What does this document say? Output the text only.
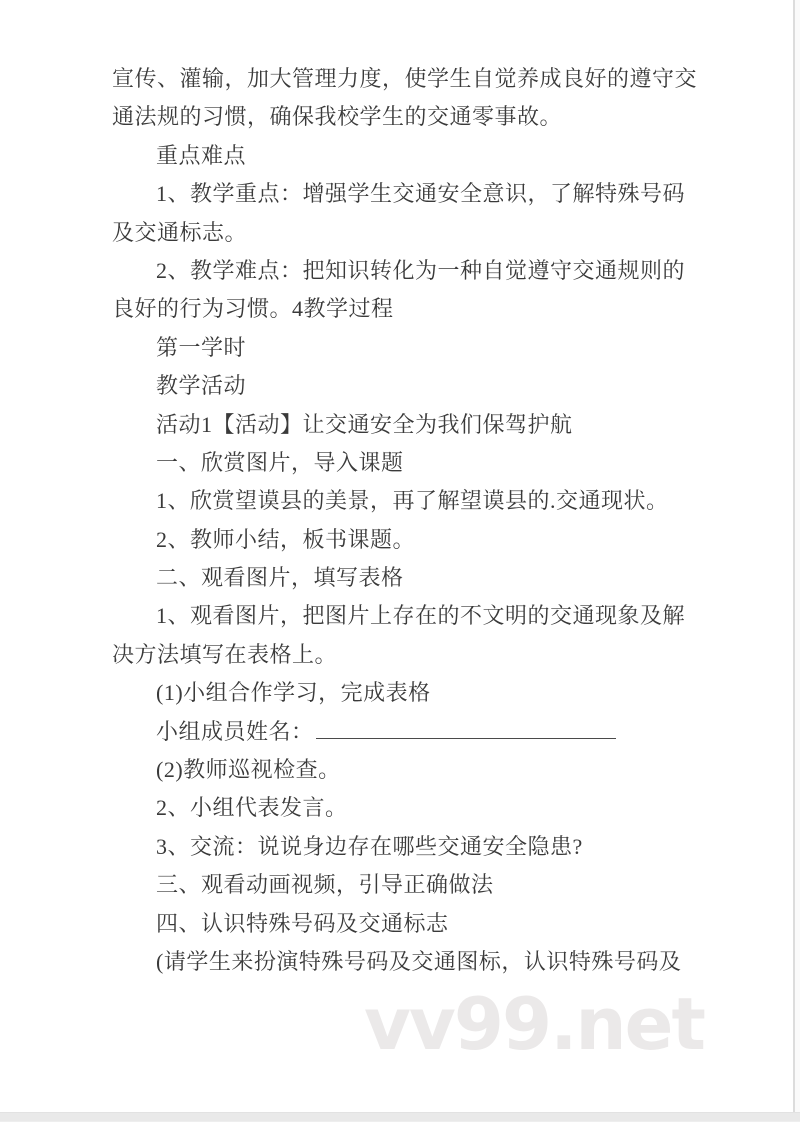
宣传、灌输，加大管理力度，使学生自觉养成良好的遵守交
通法规的习惯，确保我校学生的交通零事故。
重点难点
1、教学重点：增强学生交通安全意识，了解特殊号码
及交通标志。
2、教学难点：把知识转化为一种自觉遵守交通规则的
良好的行为习惯。4教学过程
第一学时
教学活动
活动1【活动】让交通安全为我们保驾护航
一、欣赏图片，导入课题
1、欣赏望谟县的美景，再了解望谟县的.交通现状。
2、教师小结，板书课题。
二、观看图片，填写表格
1、观看图片，把图片上存在的不文明的交通现象及解
决方法填写在表格上。
(1)小组合作学习，完成表格
小组成员姓名：
(2)教师巡视检查。
2、小组代表发言。
3、交流：说说身边存在哪些交通安全隐患?
三、观看动画视频，引导正确做法
四、认识特殊号码及交通标志
(请学生来扮演特殊号码及交通图标，认识特殊号码及
vv99.net
